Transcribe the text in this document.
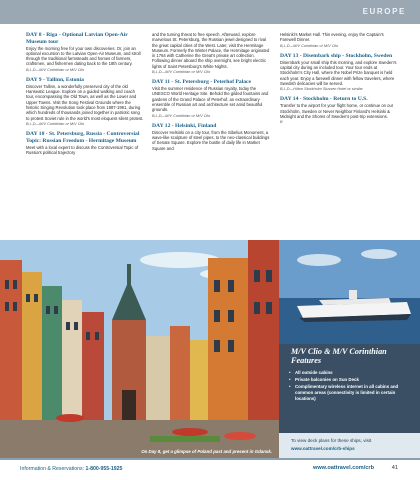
EUROPE
DAY 8 - Riga - Optional Latvian Open-Air Museum tour

Enjoy the morning free for your own discoveries. Or, join an optional excursion to the Latvian Open-Air Museum, and stroll through the traditional farmsteads and homes of farmers, craftsmen, and fishermen dating back to the 18th century.

B,L,D—M/V Corinthian or M/V Clio
DAY 9 - Tallinn, Estonia

Discover Tallinn, a wonderfully preserved city of the old Hanseatic League. Explore on a guided walking and coach tour, encompassing the Old Town, as well as the Lower and Upper Towns. Visit the Song Festival Grounds where the historic Singing Revolution took place from 1987-1991, during which hundreds of thousands joined together in patriotic song to protest Soviet rule in the world's most eloquent silent protest.

B,L,D—M/V Corinthian or M/V Clio
DAY 10 - St. Petersburg, Russia - Controversial Topic: Russian Freedom - Hermitage Museum

Meet with a local expert to discuss the Controversial Topic of Russia's political trajectory

and the turning threat to free speech. Afterward, explore marvelous St. Petersburg, the Russian jewel designed to rival the great capital cities of the West. Later, visit the Hermitage Museum. Formerly the Winter Palace, the Hermitage originated in 1764 with Catherine the Great's private art collection. Following dinner aboard the ship overnight, see bright electric lights of Saint Petersburg's White Nights.

B,L,D—M/V Corinthian or M/V Clio
DAY 11 - St. Petersburg - Peterhof Palace

Visit the summer residence of Russian royalty, today the UNESCO World Heritage Site. Behold the gilded fountains and gardens of the Grand Palace of Peterhof, an extraordinary ensemble of Russian art and architecture set amid beautiful grounds.

B,L,D—M/V Corinthian or M/V Clio
DAY 12 - Helsinki, Finland

Discover Helsinki on a city tour, from the Sibelius Monument, a wave-like sculpture of steel pipes, to the neo-classical buildings of Senate Square. Explore the bustle of daily life in Market Square and

Helsinki's Market Hall. This evening, enjoy the Captain's Farewell Dinner.

B,L,D—M/V Corinthian or M/V Clio
DAY 13 - Disembark ship - Stockholm, Sweden

Disembark your small ship this morning, and explore Sweden's capital city during an included tour. Your tour ends at Stockholm's City Hall, where the Nobel Prize banquet is held each year. Enjoy a farewell dinner with fellow travelers, where Swedish delicacies will be served.

B,L,D—Hilton Stockholm Slussen Hotel or similar
DAY 14 - Stockholm - Return to U.S.

Transfer to the airport for your flight home, or continue on our Stockholm, Sweden or Never Neighbor Finland's Helsinki & Midnight and the Shores of Sweden's post-trip extensions.

B
M/V Clio & M/V Corinthian Features
• All outside cabins
• Private balconies on Sun Deck
• Complimentary wireless internet in all cabins and common areas (connectivity is limited in certain locations)
On Day 8, get a glimpse of Poland past and present in Gdansk.
To view deck plans for these ships, visit
www.oattravel.com/crb-ships
Information & Reservations: 1-800-955-1925	www.oattravel.com/crb	41
